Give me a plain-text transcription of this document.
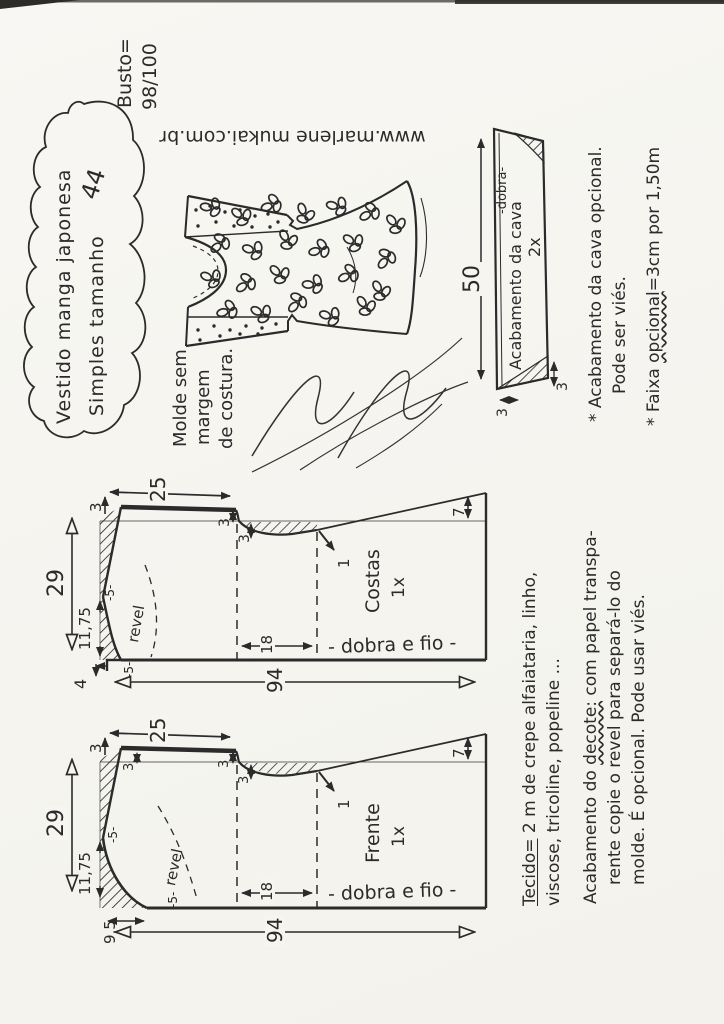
Busto= 98/100
Vestido manga japonesa 44
Simples tamanho
www.marlene mukai.com.br
Molde sem margem de costura.
-dobra-
Acabamento da cava 2x
50
3
3 * Acabamento da cava opcional. Pode ser viés.
* Faixa opcional=3cm por 1,50m
25
3
3
3
29
11,75
-5-
-5-
4
revel
1
18
94
7
Costas 1x
- dobra e fio -
25
3
3	3
3
29
11,75
-5-
-5-
9,5
revel
1
18
94
7
Frente 1x
- dobra e fio -	Tecido= 2 m de crepe alfaiataria, linho, viscose, tricoline, popeline ... Acabamento do decote: com papel transpa- rente copie o revel para separá-lo do molde. É opcional. Pode usar viés.
